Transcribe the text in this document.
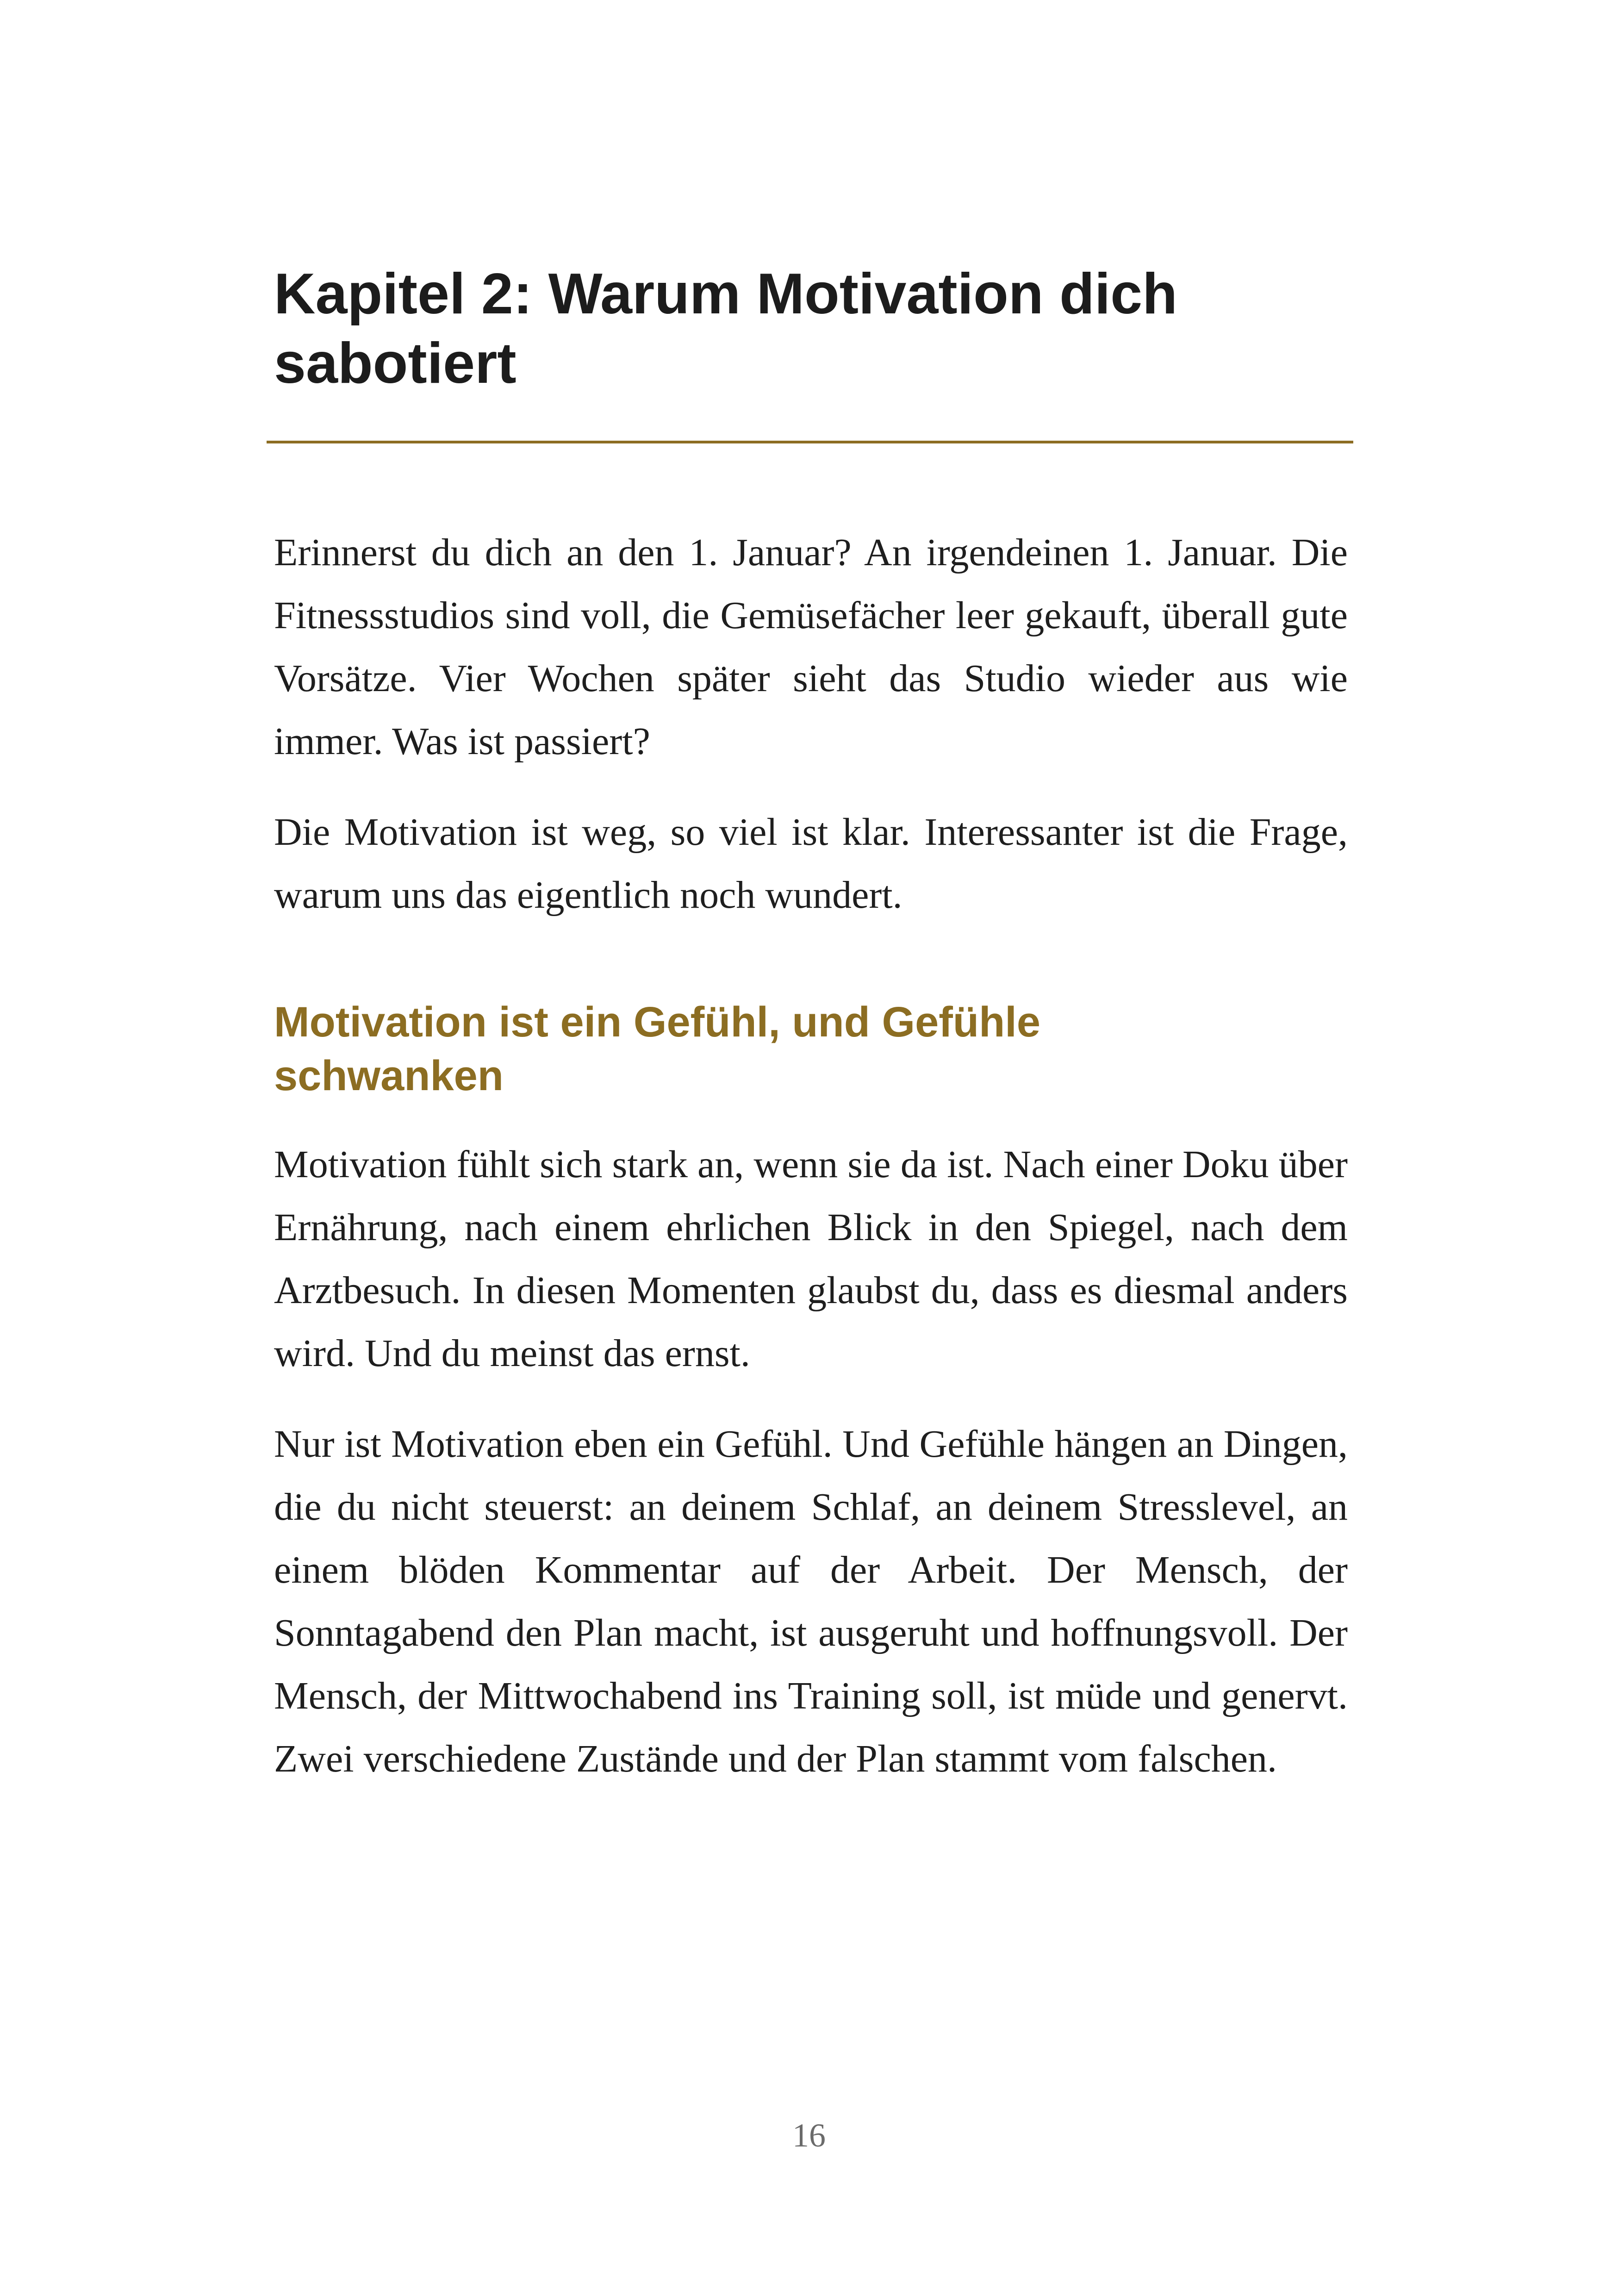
Kapitel 2: Warum Motivation dich
sabotiert

Erinnerst du dich an den 1. Januar? An irgendeinen 1. Januar. Die Fitnessstudios sind voll, die Gemüsefächer leer gekauft, überall gute Vorsätze. Vier Wochen später sieht das Studio wieder aus wie immer. Was ist passiert?

Die Motivation ist weg, so viel ist klar. Interessanter ist die Frage, warum uns das eigentlich noch wundert.

Motivation ist ein Gefühl, und Gefühle
schwanken

Motivation fühlt sich stark an, wenn sie da ist. Nach einer Doku über Ernährung, nach einem ehrlichen Blick in den Spiegel, nach dem Arztbesuch. In diesen Momenten glaubst du, dass es diesmal anders wird. Und du meinst das ernst.

Nur ist Motivation eben ein Gefühl. Und Gefühle hängen an Dingen, die du nicht steuerst: an deinem Schlaf, an deinem Stresslevel, an einem blöden Kommentar auf der Arbeit. Der Mensch, der Sonntagabend den Plan macht, ist ausgeruht und hoffnungsvoll. Der Mensch, der Mittwochabend ins Training soll, ist müde und genervt. Zwei verschiedene Zustände und der Plan stammt vom falschen.

16
